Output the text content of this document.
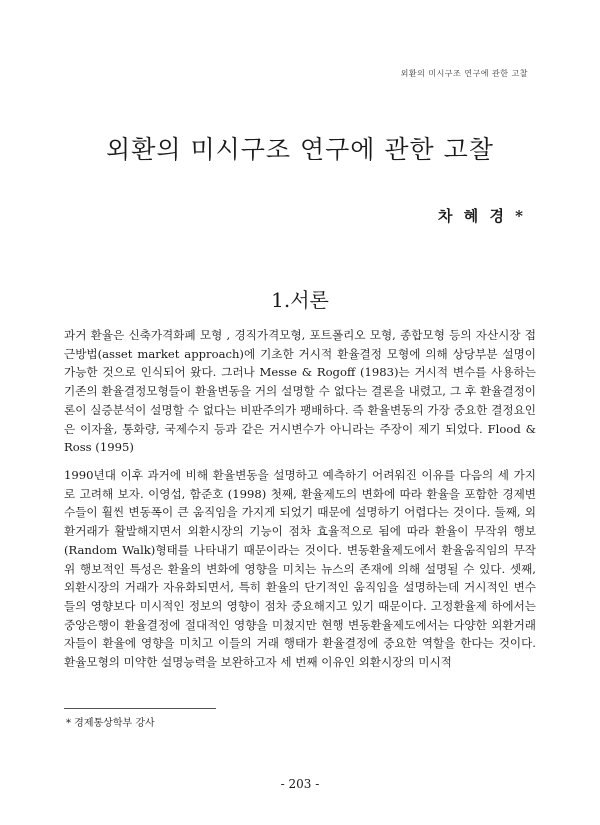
외환의 미시구조 연구에 관한 고찰
외환의 미시구조 연구에 관한 고찰
차 혜 경 *
1.서론

과거 환율은 신축가격화폐 모형 , 경직가격모형, 포트폴리오 모형, 종합모형 등의 자산시장 접근방법(asset market approach)에 기초한 거시적 환율결정 모형에 의해 상당부분 설명이 가능한 것으로 인식되어 왔다. 그러나 Messe & Rogoff (1983)는 거시적 변수를 사용하는 기존의 환율결정모형들이 환율변동을 거의 설명할 수 없다는 결론을 내렸고, 그 후 환율결정이론이 실증분석이 설명할 수 없다는 비판주의가 팽배하다. 즉 환율변동의 가장 중요한 결정요인은 이자율, 통화량, 국제수지 등과 같은 거시변수가 아니라는 주장이 제기 되었다. Flood & Ross (1995)

1990년대 이후 과거에 비해 환율변동을 설명하고 예측하기 어려워진 이유를 다음의 세 가지로 고려해 보자. 이영섭, 함준호 (1998) 첫째, 환율제도의 변화에 따라 환율을 포함한 경제변수들이 훨씬 변동폭이 큰 움직임을 가지게 되었기 때문에 설명하기 어렵다는 것이다. 둘째, 외환거래가 활발해지면서 외환시장의 기능이 점차 효율적으로 됨에 따라 환율이 무작위 행보(Random Walk)형태를 나타내기 때문이라는 것이다. 변동환율제도에서 환율움직임의 무작위 행보적인 특성은 환율의 변화에 영향을 미치는 뉴스의 존재에 의해 설명될 수 있다. 셋째, 외환시장의 거래가 자유화되면서, 특히 환율의 단기적인 움직임을 설명하는데 거시적인 변수들의 영향보다 미시적인 정보의 영향이 점차 중요해지고 있기 때문이다. 고정환율제 하에서는 중앙은행이 환율결정에 절대적인 영향을 미쳤지만 현행 변동환율제도에서는 다양한 외환거래자들이 환율에 영향을 미치고 이들의 거래 행태가 환율결정에 중요한 역할을 한다는 것이다. 환율모형의 미약한 설명능력을 보완하고자 세 번째 이유인 외환시장의 미시적

* 경제통상학부 강사
- 203 -
